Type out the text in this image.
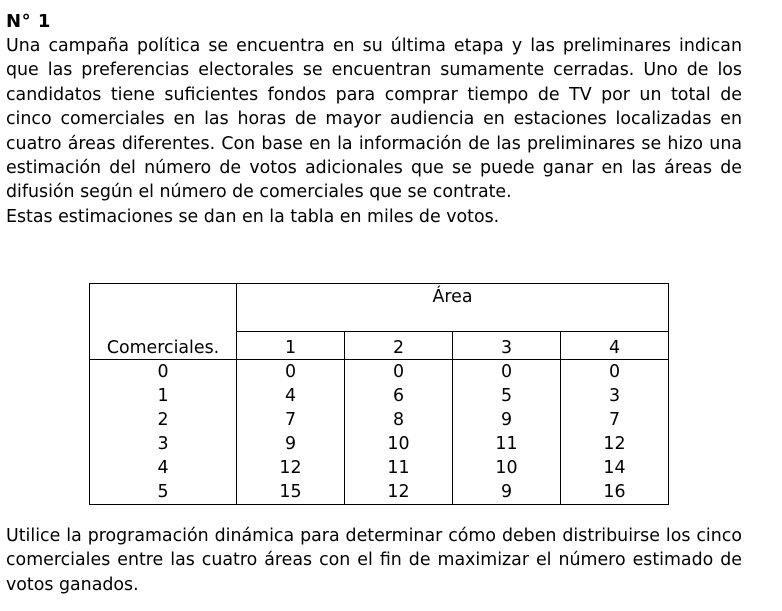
N° 1

Una campaña política se encuentra en su última etapa y las preliminares indican que las preferencias electorales se encuentran sumamente cerradas. Uno de los candidatos tiene suficientes fondos para comprar tiempo de TV por un total de cinco comerciales en las horas de mayor audiencia en estaciones localizadas en cuatro áreas diferentes. Con base en la información de las preliminares se hizo una estimación del número de votos adicionales que se puede ganar en las áreas de difusión según el número de comerciales que se contrate.

Estas estimaciones se dan en la tabla en miles de votos.

Comerciales.	Área			
	1	2	3	4
0	0	0	0	0
1	4	6	5	3
2	7	8	9	7
3	9	10	11	12
4	12	11	10	14
5	15	12	9	16

Utilice la programación dinámica para determinar cómo deben distribuirse los cinco comerciales entre las cuatro áreas con el fin de maximizar el número estimado de votos ganados.
